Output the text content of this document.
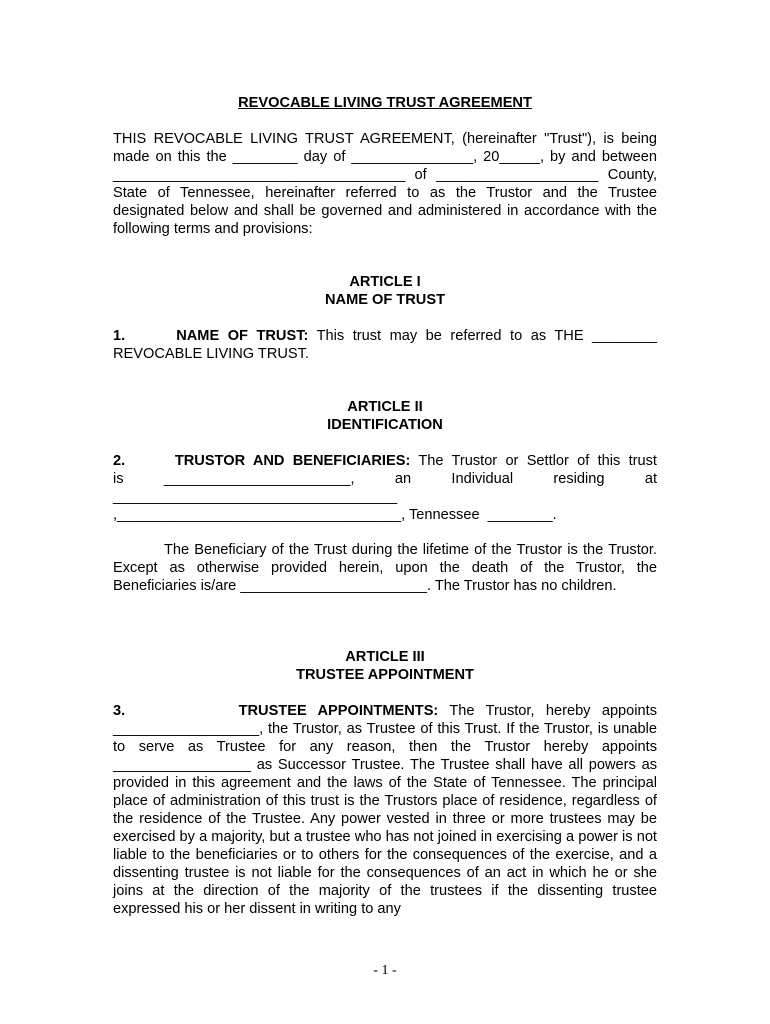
REVOCABLE LIVING TRUST AGREEMENT

THIS REVOCABLE LIVING TRUST AGREEMENT, (hereinafter "Trust"), is being made on this the ________ day of _______________, 20_____, by and between ____________________________________ of ____________________ County, State of Tennessee, hereinafter referred to as the Trustor and the Trustee designated below and shall be governed and administered in accordance with the following terms and provisions:

ARTICLE I
NAME OF TRUST

1.      NAME OF TRUST: This trust may be referred to as THE ________ REVOCABLE LIVING TRUST.

ARTICLE II
IDENTIFICATION

2.      TRUSTOR AND BENEFICIARIES: The Trustor or Settlor of this trust

is _______________________, an Individual residing at

___________________________________

,___________________________________, Tennessee  ________.

The Beneficiary of the Trust during the lifetime of the Trustor is the Trustor. Except as otherwise provided herein, upon the death of the Trustor, the Beneficiaries is/are _______________________. The Trustor has no children.

ARTICLE III
TRUSTEE APPOINTMENT

3.          TRUSTEE APPOINTMENTS: The Trustor, hereby appoints __________________, the Trustor, as Trustee of this Trust. If the Trustor, is unable to serve as Trustee for any reason, then the Trustor hereby appoints _________________ as Successor Trustee. The Trustee shall have all powers as provided in this agreement and the laws of the State of Tennessee. The principal place of administration of this trust is the Trustors place of residence, regardless of the residence of the Trustee. Any power vested in three or more trustees may be exercised by a majority, but a trustee who has not joined in exercising a power is not liable to the beneficiaries or to others for the consequences of the exercise, and a dissenting trustee is not liable for the consequences of an act in which he or she joins at the direction of the majority of the trustees if the dissenting trustee expressed his or her dissent in writing to any

- 1 -
